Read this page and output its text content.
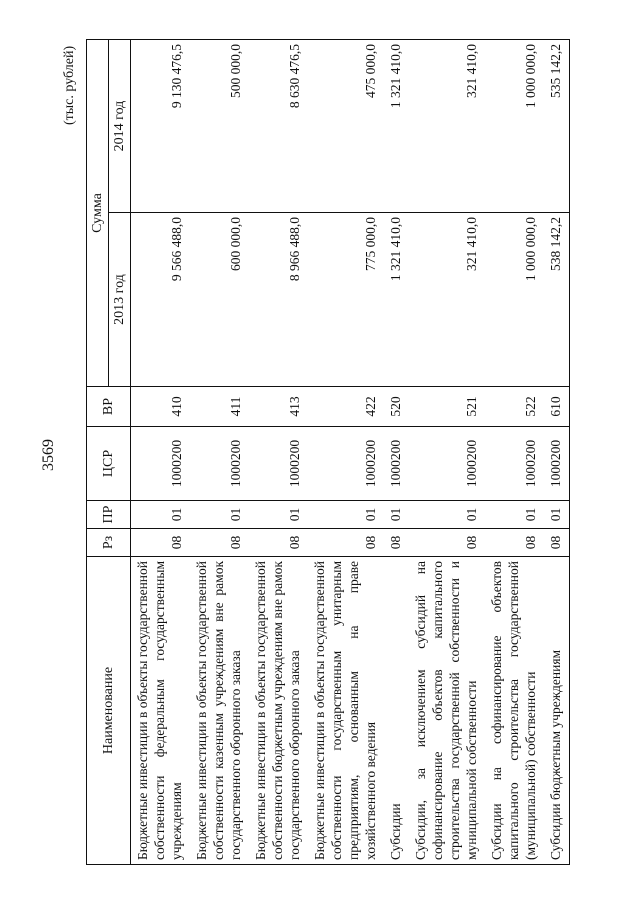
3569
(тыс. рублей)
Наименование	Рз	ПР	ЦСР	ВР	Сумма	
					2013 год	2014 год
Бюджетные инвестиции в объекты государственной собственности федеральным государственным учреждениям	08	01	1000200	410	9 566 488,0	9 130 476,5
Бюджетные инвестиции в объекты государственной собственности казенным учреждениям вне рамок государственного оборонного заказа	08	01	1000200	411	600 000,0	500 000,0
Бюджетные инвестиции в объекты государственной собственности бюджетным учреждениям вне рамок государственного оборонного заказа	08	01	1000200	413	8 966 488,0	8 630 476,5
Бюджетные инвестиции в объекты государственной собственности государственным унитарным предприятиям, основанным на праве хозяйственного ведения	08	01	1000200	422	775 000,0	475 000,0
Субсидии	08	01	1000200	520	1 321 410,0	1 321 410,0
Субсидии, за исключением субсидий на софинансирование объектов капитального строительства государственной собственности и муниципальной собственности	08	01	1000200	521	321 410,0	321 410,0
Субсидии на софинансирование объектов капитального строительства государственной (муниципальной) собственности	08	01	1000200	522	1 000 000,0	1 000 000,0
Субсидии бюджетным учреждениям	08	01	1000200	610	538 142,2	535 142,2
